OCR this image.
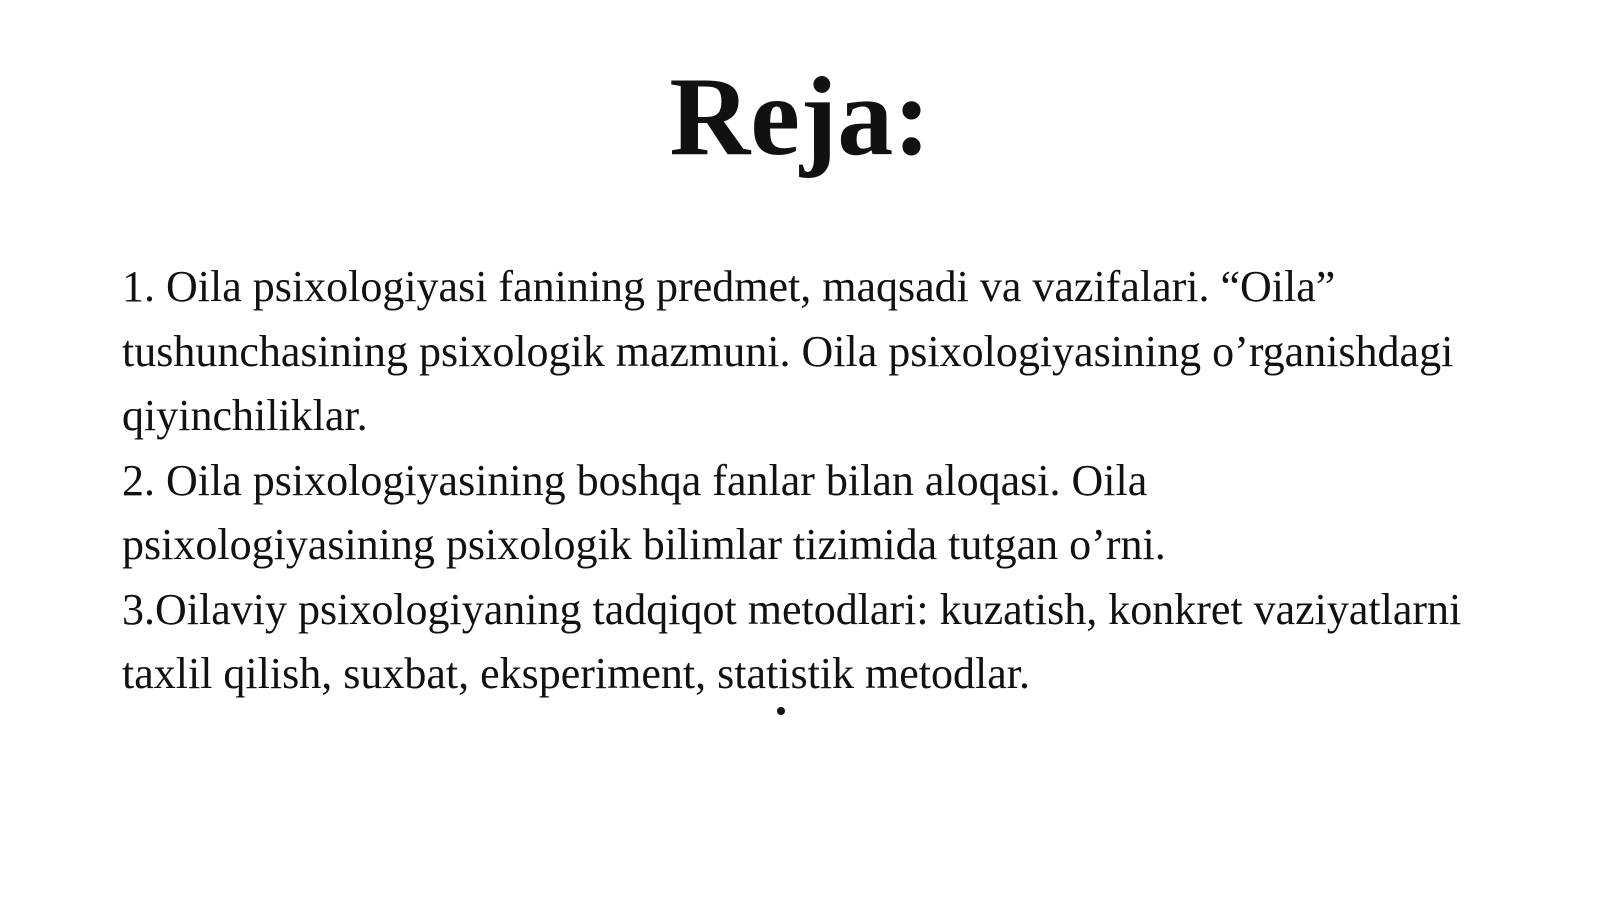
Reja:
1. Oila psixologiyasi fanining predmet, maqsadi va vazifalari. “Oila” tushunchasining psixologik mazmuni. Oila psixologiyasining o’rganishdagi qiyinchiliklar.
2. Oila psixologiyasining boshqa fanlar bilan aloqasi. Oila psixologiyasining psixologik bilimlar tizimida tutgan o’rni.
3.Oilaviy psixologiyaning tadqiqot metodlari: kuzatish, konkret vaziyatlarni taxlil qilish, suxbat, eksperiment, statistik metodlar.
